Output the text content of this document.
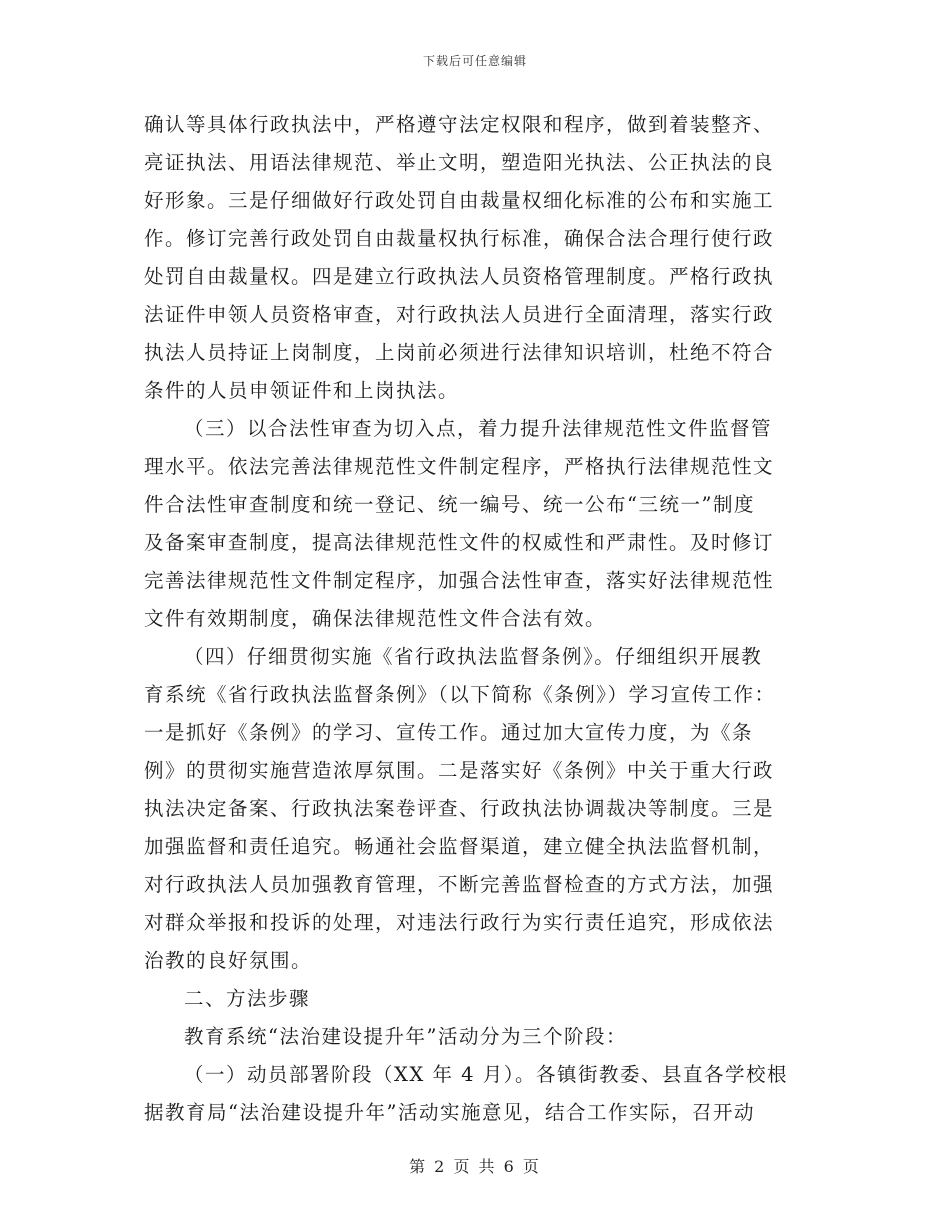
下载后可任意编辑
确认等具体行政执法中，严格遵守法定权限和程序，做到着装整齐、
亮证执法、用语法律规范、举止文明，塑造阳光执法、公正执法的良
好形象。三是仔细做好行政处罚自由裁量权细化标准的公布和实施工
作。修订完善行政处罚自由裁量权执行标准，确保合法合理行使行政
处罚自由裁量权。四是建立行政执法人员资格管理制度。严格行政执
法证件申领人员资格审查，对行政执法人员进行全面清理，落实行政
执法人员持证上岗制度，上岗前必须进行法律知识培训，杜绝不符合
条件的人员申领证件和上岗执法。
（三）以合法性审查为切入点，着力提升法律规范性文件监督管
理水平。依法完善法律规范性文件制定程序，严格执行法律规范性文
件合法性审查制度和统一登记、统一编号、统一公布“三统一”制度
及备案审查制度，提高法律规范性文件的权威性和严肃性。及时修订
完善法律规范性文件制定程序，加强合法性审查，落实好法律规范性
文件有效期制度，确保法律规范性文件合法有效。
（四）仔细贯彻实施《省行政执法监督条例》。仔细组织开展教
育系统《省行政执法监督条例》（以下简称《条例》）学习宣传工作：
一是抓好《条例》的学习、宣传工作。通过加大宣传力度，为《条
例》的贯彻实施营造浓厚氛围。二是落实好《条例》中关于重大行政
执法决定备案、行政执法案卷评查、行政执法协调裁决等制度。三是
加强监督和责任追究。畅通社会监督渠道，建立健全执法监督机制，
对行政执法人员加强教育管理，不断完善监督检查的方式方法，加强
对群众举报和投诉的处理，对违法行政行为实行责任追究，形成依法
治教的良好氛围。
二、方法步骤
教育系统“法治建设提升年”活动分为三个阶段：
（一）动员部署阶段（XX 年 4 月）。各镇街教委、县直各学校根
据教育局“法治建设提升年”活动实施意见，结合工作实际，召开动
第 2 页 共 6 页
